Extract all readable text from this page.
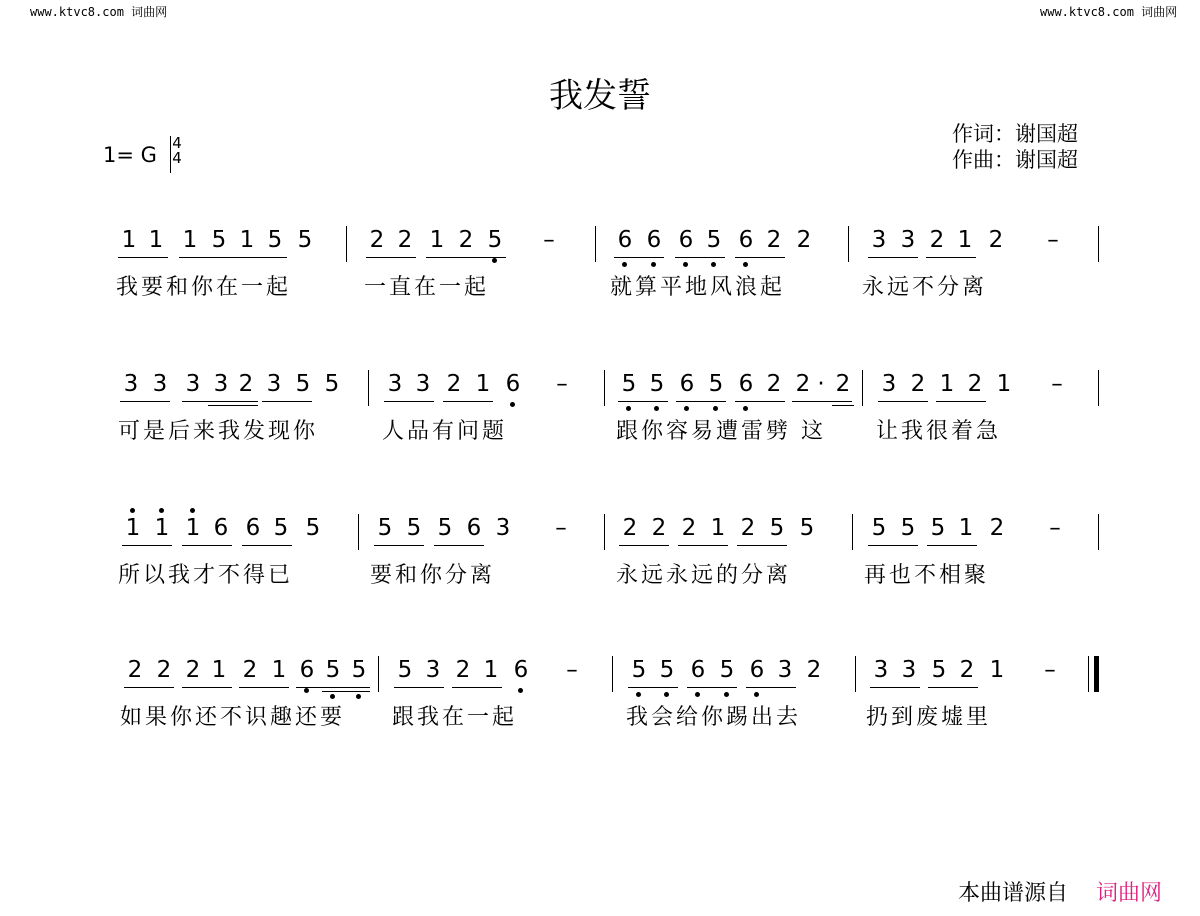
www.ktvc8.com 词曲网	www.ktvc8.com 词曲网
我发誓
作词：谢国超
作曲：谢国超
1= G 4
4
1 1 1 5 1 5 5 2 2 1 2 5 –	6 6 6 5 6 2 2	3 3 2 1 2 –
我要和你在一起	一直在一起	就算平地风浪起	永远不分离
3 3 3 3 2 3 5 5 3 3 2 1 6 – 5 5 6 5 6 2 2 · 2 3 2 1 2 1 –
可是后来我发现你	人品有问题	跟你容易遭雷劈 这 让我很着急
1 1 1 6 6 5 5 5 5 5 6 3 – 2 2 2 1 2 5 5 5 5 5 1 2 –
所以我才不得已	要和你分离	永远永远的分离	再也不相聚
2 2 2 1 2 1 6 5 5 5 3 2 1 6 – 5 5 6 5 6 3 2 3 3 5 2 1 –
如果你还不识趣还要 跟我在一起	我会给你踢出去	扔到废墟里
本曲谱源自 词曲网
